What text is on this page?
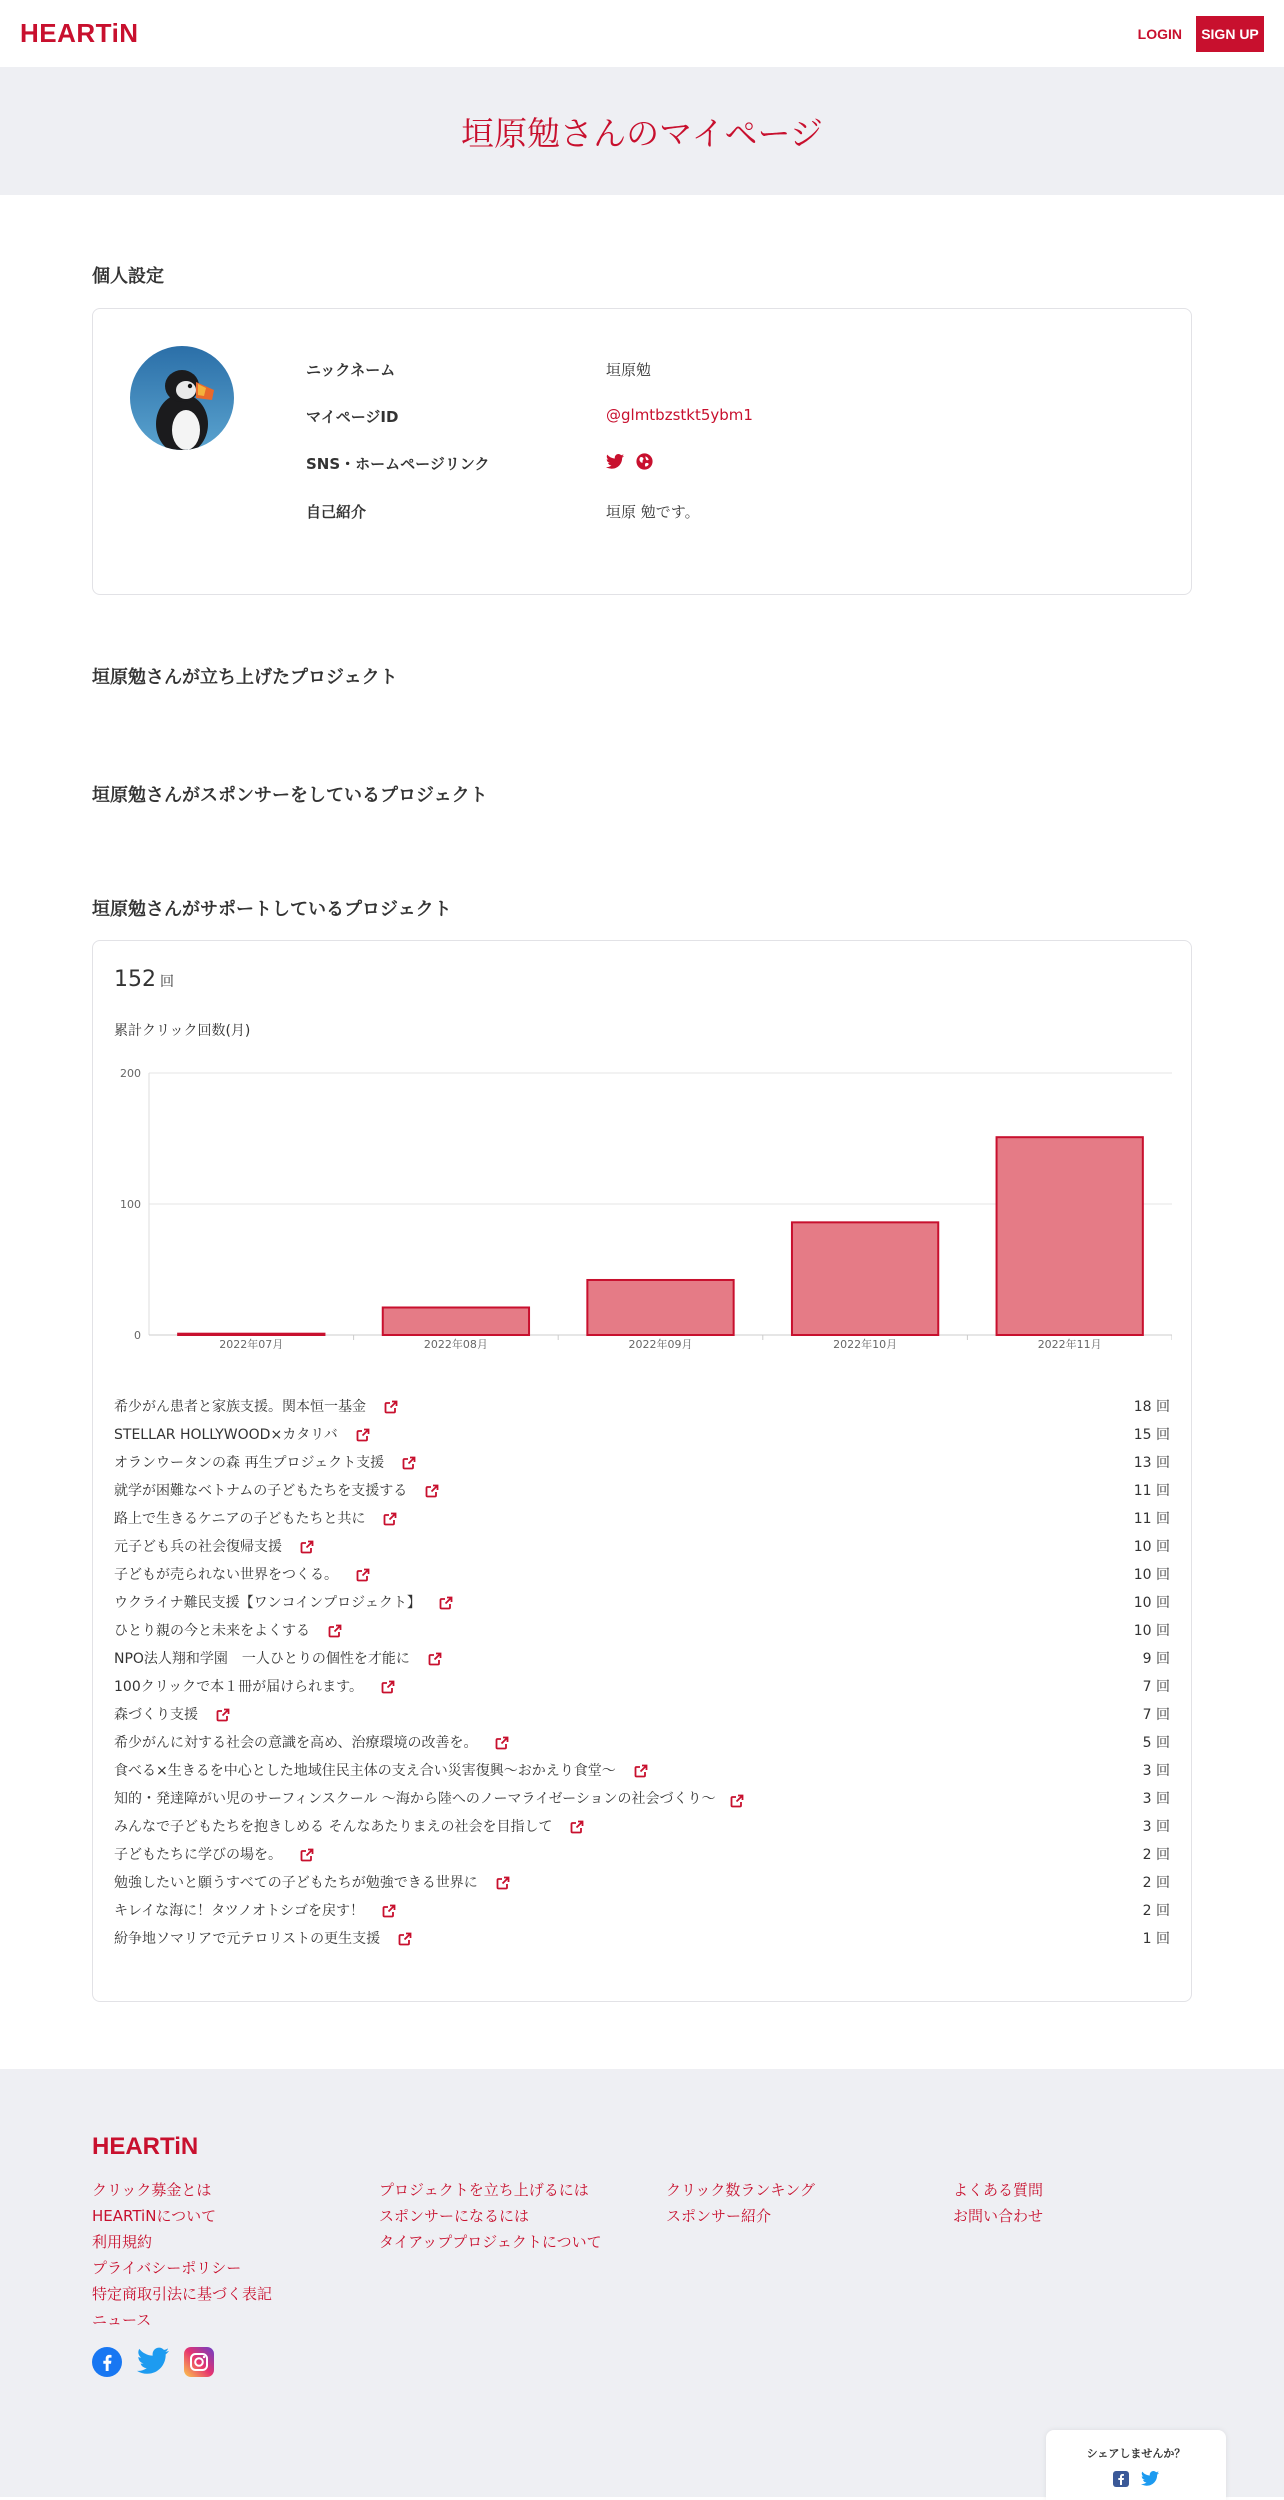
HEARTiN	LOGIN	SIGN UP
垣原勉さんのマイページ
個人設定
ニックネーム	垣原勉
マイページID	@glmtbzstkt5ybm1
SNS・ホームページリンク
自己紹介	垣原 勉です。
垣原勉さんが立ち上げたプロジェクト
垣原勉さんがスポンサーをしているプロジェクト
垣原勉さんがサポートしているプロジェクト
152 回
累計クリック回数(月)
0
100
200
2022年07月	2022年08月	2022年09月	2022年10月	2022年11月
希少がん患者と家族支援。関本恒一基金	18 回
STELLAR HOLLYWOOD×カタリバ	15 回
オランウータンの森 再生プロジェクト支援	13 回
就学が困難なベトナムの子どもたちを支援する	11 回
路上で生きるケニアの子どもたちと共に	11 回
元子ども兵の社会復帰支援	10 回
子どもが売られない世界をつくる。	10 回
ウクライナ難民支援【ワンコインプロジェクト】	10 回
ひとり親の今と未来をよくする	10 回
NPO法人翔和学園　一人ひとりの個性を才能に	9 回
100クリックで本１冊が届けられます。	7 回
森づくり支援	7 回
希少がんに対する社会の意識を高め、治療環境の改善を。	5 回
食べる×生きるを中心とした地域住民主体の支え合い災害復興～おかえり食堂～	3 回
知的・発達障がい児のサーフィンスクール ～海から陸へのノーマライゼーションの社会づくり～	3 回
みんなで子どもたちを抱きしめる そんなあたりまえの社会を目指して	3 回
子どもたちに学びの場を。	2 回
勉強したいと願うすべての子どもたちが勉強できる世界に	2 回
キレイな海に！タツノオトシゴを戻す！	2 回
紛争地ソマリアで元テロリストの更生支援	1 回
HEARTiN
クリック募金とは
HEARTiNについて
利用規約
プライバシーポリシー
特定商取引法に基づく表記
ニュース
プロジェクトを立ち上げるには
スポンサーになるには
タイアッププロジェクトについて
クリック数ランキング
スポンサー紹介
よくある質問
お問い合わせ
シェアしませんか？
